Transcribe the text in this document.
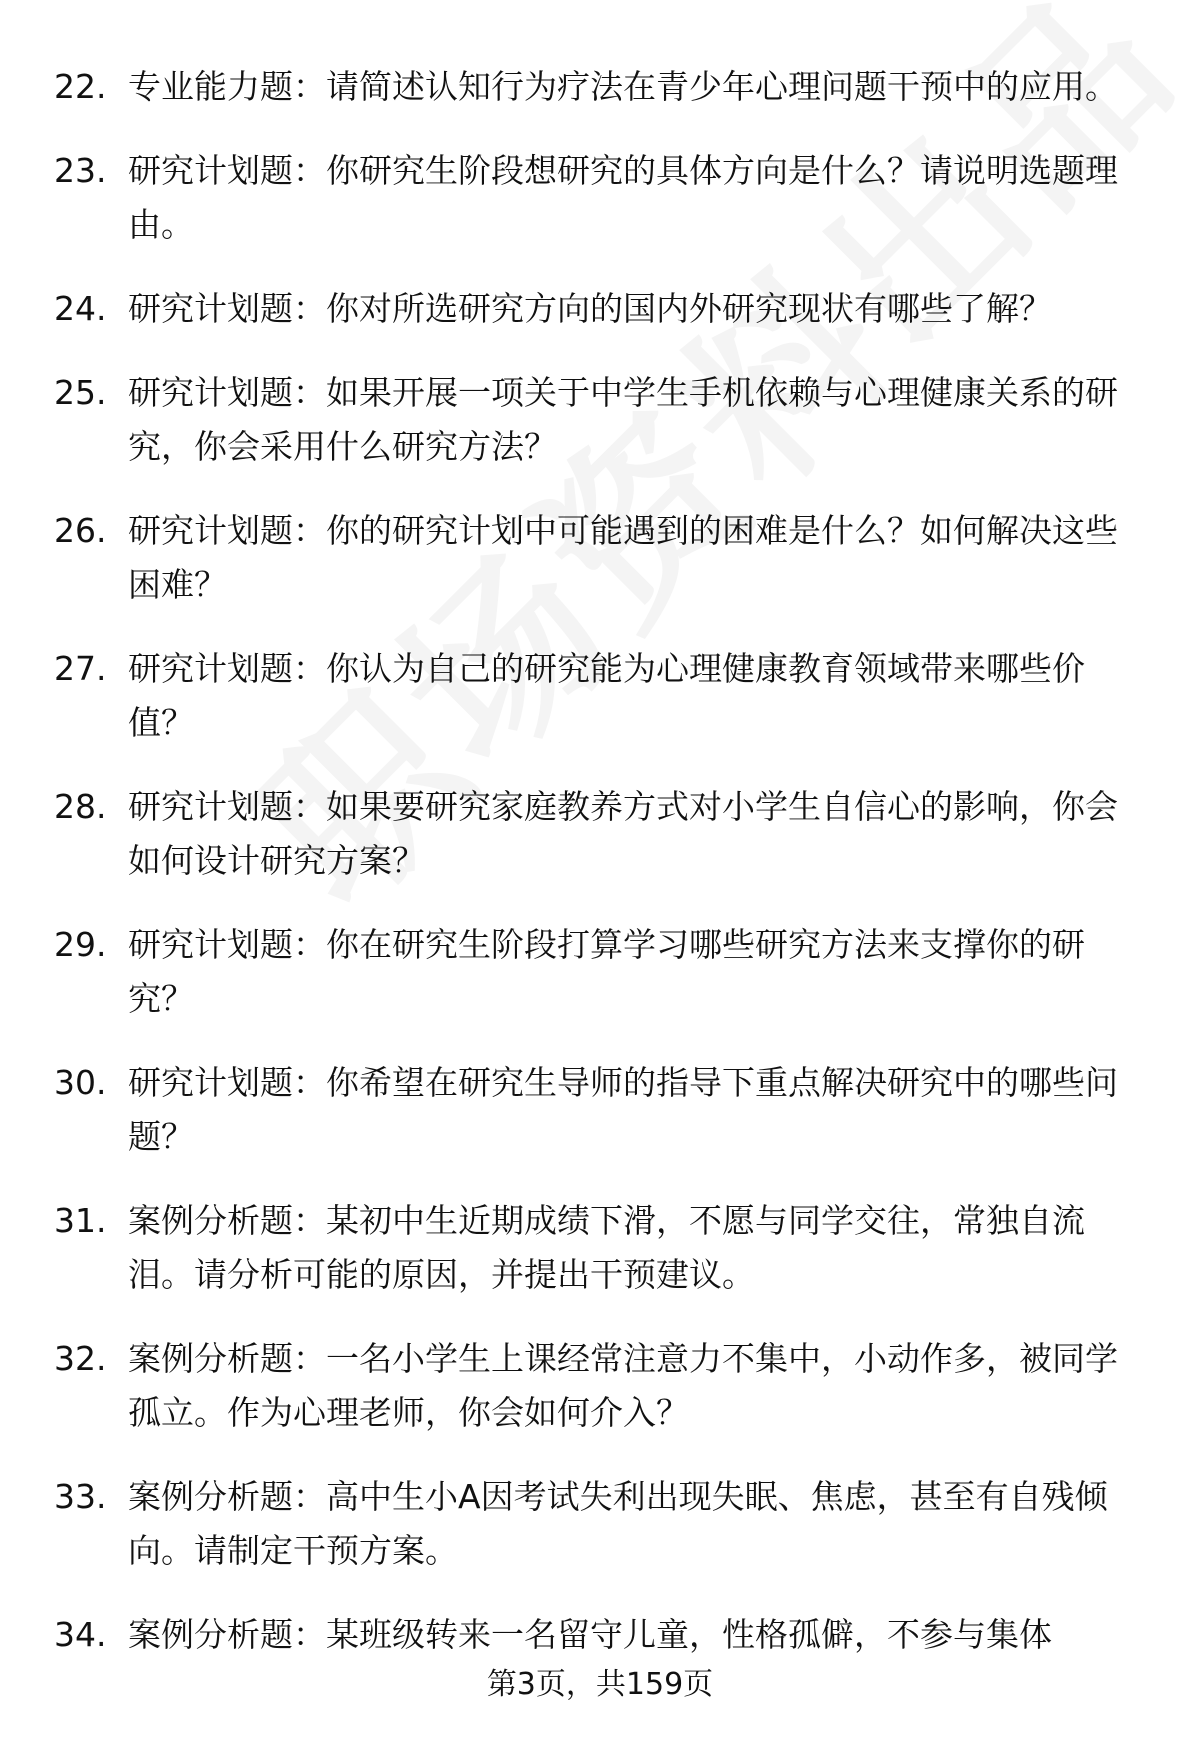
22. 专业能力题：请简述认知行为疗法在青少年心理问题干预中的应用。
23. 研究计划题：你研究生阶段想研究的具体方向是什么？请说明选题理由。
24. 研究计划题：你对所选研究方向的国内外研究现状有哪些了解？
25. 研究计划题：如果开展一项关于中学生手机依赖与心理健康关系的研究，你会采用什么研究方法？
26. 研究计划题：你的研究计划中可能遇到的困难是什么？如何解决这些困难？
27. 研究计划题：你认为自己的研究能为心理健康教育领域带来哪些价值？
28. 研究计划题：如果要研究家庭教养方式对小学生自信心的影响，你会如何设计研究方案？
29. 研究计划题：你在研究生阶段打算学习哪些研究方法来支撑你的研究？
30. 研究计划题：你希望在研究生导师的指导下重点解决研究中的哪些问题？
31. 案例分析题：某初中生近期成绩下滑，不愿与同学交往，常独自流泪。请分析可能的原因，并提出干预建议。
32. 案例分析题：一名小学生上课经常注意力不集中，小动作多，被同学孤立。作为心理老师，你会如何介入？
33. 案例分析题：高中生小A因考试失利出现失眠、焦虑，甚至有自残倾向。请制定干预方案。
34. 案例分析题：某班级转来一名留守儿童，性格孤僻，不参与集体
第3页，共159页
